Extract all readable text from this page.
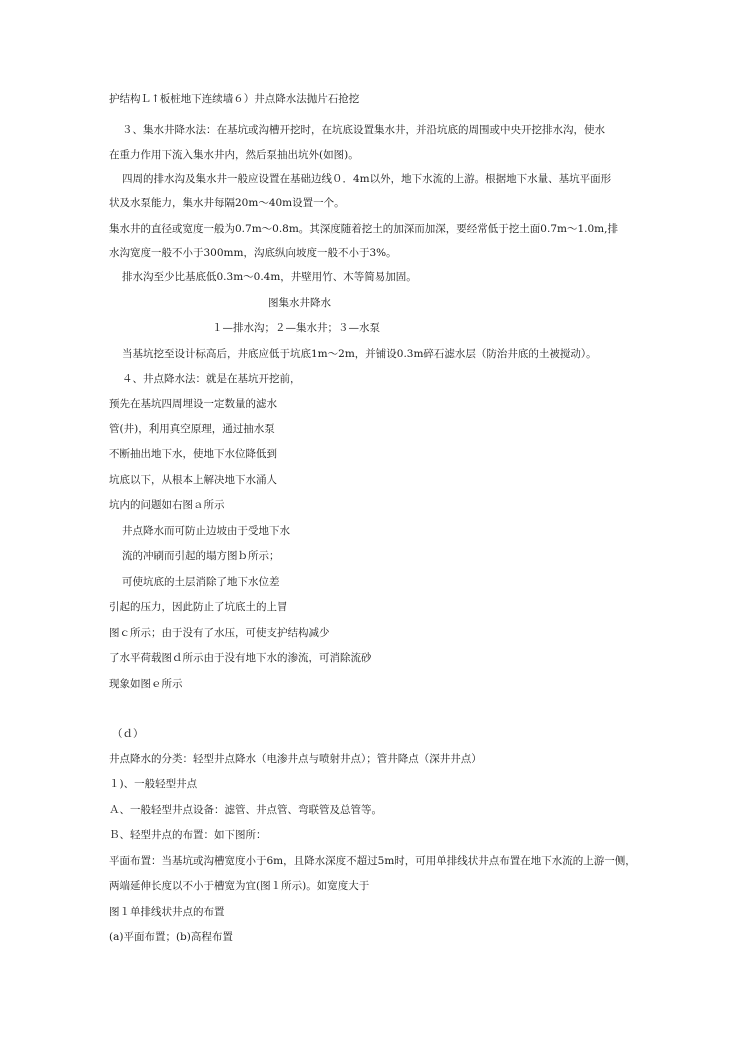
护结构Ｌ↑板桩地下连续墙６）井点降水法抛片石抢挖
３、集水井降水法：在基坑或沟槽开挖时，在坑底设置集水井，并沿坑底的周围或中央开挖排水沟，使水
在重力作用下流入集水井内，然后泵抽出坑外(如图)。
四周的排水沟及集水井一般应设置在基础边线０．4m以外，地下水流的上游。根据地下水量、基坑平面形
状及水泵能力，集水井每隔20m～40m设置一个。
集水井的直径或宽度一般为0.7m～0.8m。其深度随着挖土的加深而加深，要经常低于挖土面0.7m～1.0m,排
水沟宽度一般不小于300mm，沟底纵向坡度一般不小于3%。
排水沟至少比基底低0.3m～0.4m，井壁用竹、木等简易加固。
图集水井降水
１—排水沟；２—集水井；３—水泵
当基坑挖至设计标高后，井底应低于坑底1m～2m，并铺设0.3m碎石滤水层（防治井底的土被搅动）。
４、井点降水法：就是在基坑开挖前，
预先在基坑四周埋设一定数量的滤水
管(井)，利用真空原理，通过抽水泵
不断抽出地下水，使地下水位降低到
坑底以下，从根本上解决地下水涌人
坑内的问题如右图ａ所示
井点降水而可防止边坡由于受地下水
流的冲刷而引起的塌方图ｂ所示；
可使坑底的土层消除了地下水位差
引起的压力，因此防止了坑底土的上冒
图ｃ所示；由于没有了水压，可使支护结构减少
了水平荷载图ｄ所示由于没有地下水的渗流，可消除流砂
现象如图ｅ所示
（ｄ）
井点降水的分类：轻型井点降水（电渗井点与喷射井点）；管井降点（深井井点）
１)、一般轻型井点
Ａ、一般轻型井点设备：滤管、井点管、弯联管及总管等。
Ｂ、轻型井点的布置：如下图所：
平面布置：当基坑或沟槽宽度小于6m，且降水深度不超过5m时，可用单排线状井点布置在地下水流的上游一侧，
两端延伸长度以不小于槽宽为宜(图１所示)。如宽度大于
图１单排线状井点的布置
(a)平面布置；(b)高程布置
